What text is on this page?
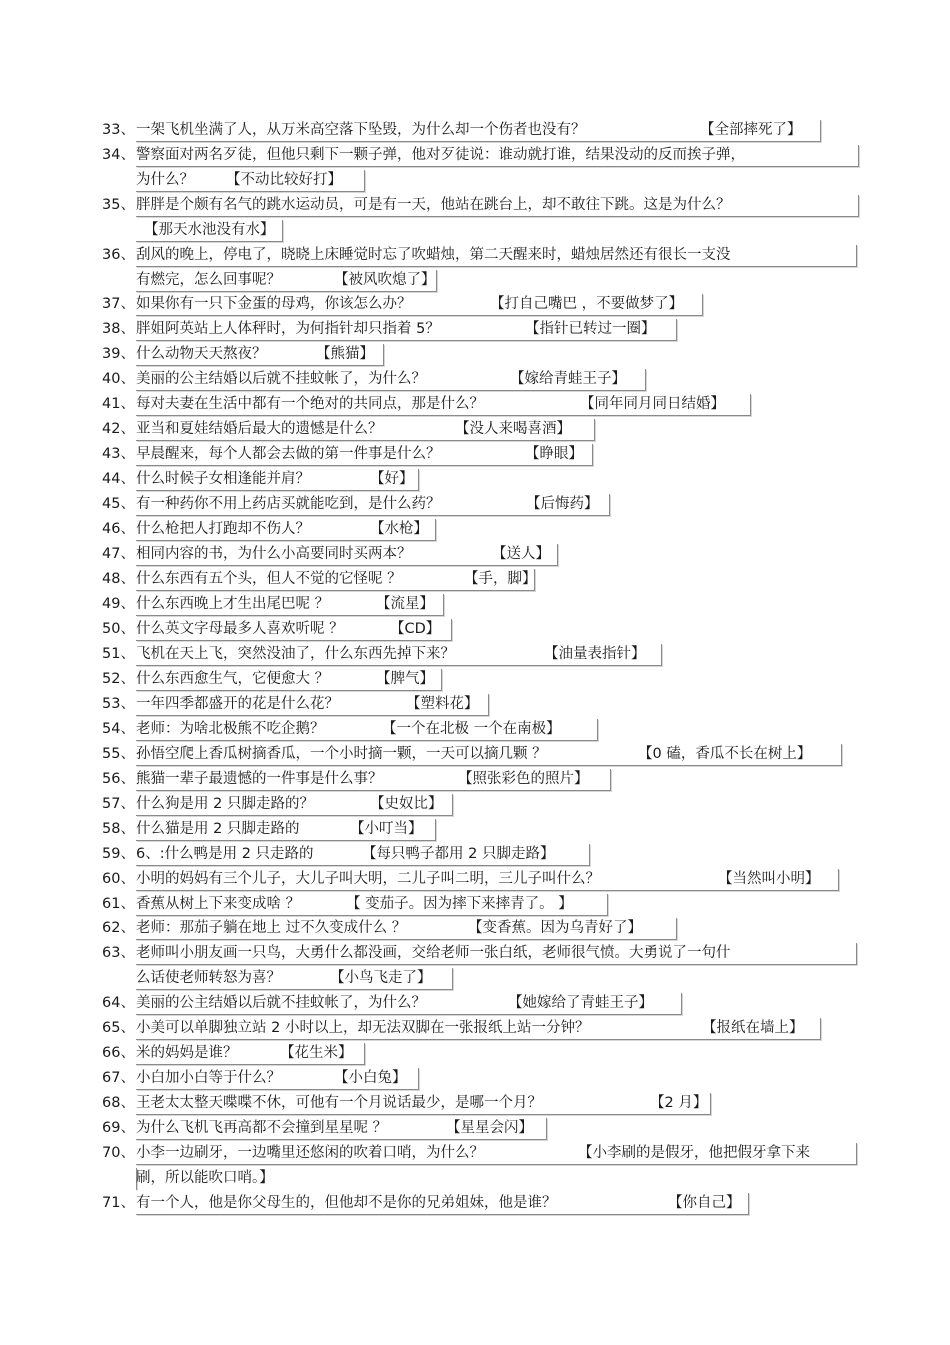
33、 一架飞机坐满了人，从万米高空落下坠毁，为什么却一个伤者也没有？	【全部摔死了】
34、 警察面对两名歹徒，但他只剩下一颗子弹，他对歹徒说：谁动就打谁，结果没动的反而挨子弹，
为什么？ 【不动比较好打】
35、 胖胖是个颇有名气的跳水运动员，可是有一天，他站在跳台上，却不敢往下跳。这是为什么？
【那天水池没有水】
36、 刮风的晚上，停电了，晓晓上床睡觉时忘了吹蜡烛，第二天醒来时，蜡烛居然还有很长一支没
有燃完，怎么回事呢？	【被风吹熄了】
37、 如果你有一只下金蛋的母鸡，你该怎么办？	【打自己嘴巴 ，不要做梦了】
38、 胖姐阿英站上人体秤时，为何指针却只指着 5？	【指针已转过一圈】
39、 什么动物天天熬夜？	【熊猫】
40、 美丽的公主结婚以后就不挂蚊帐了，为什么？	【嫁给青蛙王子】
41、 每对夫妻在生活中都有一个绝对的共同点，那是什么？	【同年同月同日结婚】
42、 亚当和夏娃结婚后最大的遗憾是什么？	【没人来喝喜酒】
43、 早晨醒来，每个人都会去做的第一件事是什么？	【睁眼】
44、 什么时候子女相逢能并肩？	【好】
45、 有一种药你不用上药店买就能吃到，是什么药？	【后悔药】
46、 什么枪把人打跑却不伤人？	【水枪】
47、 相同内容的书，为什么小高要同时买两本？	【送人】
48、 什么东西有五个头，但人不觉的它怪呢 ？	【手，脚】
49、 什么东西晚上才生出尾巴呢 ？	【流星】
50、 什么英文字母最多人喜欢听呢 ？	【CD】
51、 飞机在天上飞，突然没油了，什么东西先掉下来？	【油量表指针】
52、 什么东西愈生气，它便愈大 ？	【脾气】
53、 一年四季都盛开的花是什么花？	【塑料花】
54、 老师：为啥北极熊不吃企鹅？	【一个在北极 一个在南极】
55、 孙悟空爬上香瓜树摘香瓜，一个小时摘一颗，一天可以摘几颗 ？	【0 磕，香瓜不长在树上】
56、 熊猫一辈子最遗憾的一件事是什么事？	【照张彩色的照片】
57、 什么狗是用 2 只脚走路的？	【史奴比】
58、 什么猫是用 2 只脚走路的	【小叮当】
59、 6、:什么鸭是用 2 只走路的	【每只鸭子都用 2 只脚走路】
60、 小明的妈妈有三个儿子，大儿子叫大明，二儿子叫二明，三儿子叫什么？	【当然叫小明】
61、 香蕉从树上下来变成啥 ？	【 变茄子。因为摔下来摔青了。 】
62、 老师：那茄子躺在地上 过不久变成什么 ？	【变香蕉。因为乌青好了】
63、 老师叫小朋友画一只鸟，大勇什么都没画，交给老师一张白纸，老师很气愤。大勇说了一句什
么话使老师转怒为喜？	【小鸟飞走了】
64、 美丽的公主结婚以后就不挂蚊帐了，为什么？	【她嫁给了青蛙王子】
65、 小美可以单脚独立站 2 小时以上，却无法双脚在一张报纸上站一分钟？	【报纸在墙上】
66、 米的妈妈是谁？	【花生米】
67、 小白加小白等于什么？	【小白兔】
68、 王老太太整天喋喋不休，可他有一个月说话最少，是哪一个月？	【2 月】
69、 为什么飞机飞再高都不会撞到星星呢 ？	【星星会闪】
70、 小李一边刷牙，一边嘴里还悠闲的吹着口哨，为什么？	【小李刷的是假牙，他把假牙拿下来
刷，所以能吹口哨。】
71、 有一个人，他是你父母生的，但他却不是你的兄弟姐妹，他是谁？	【你自己】
